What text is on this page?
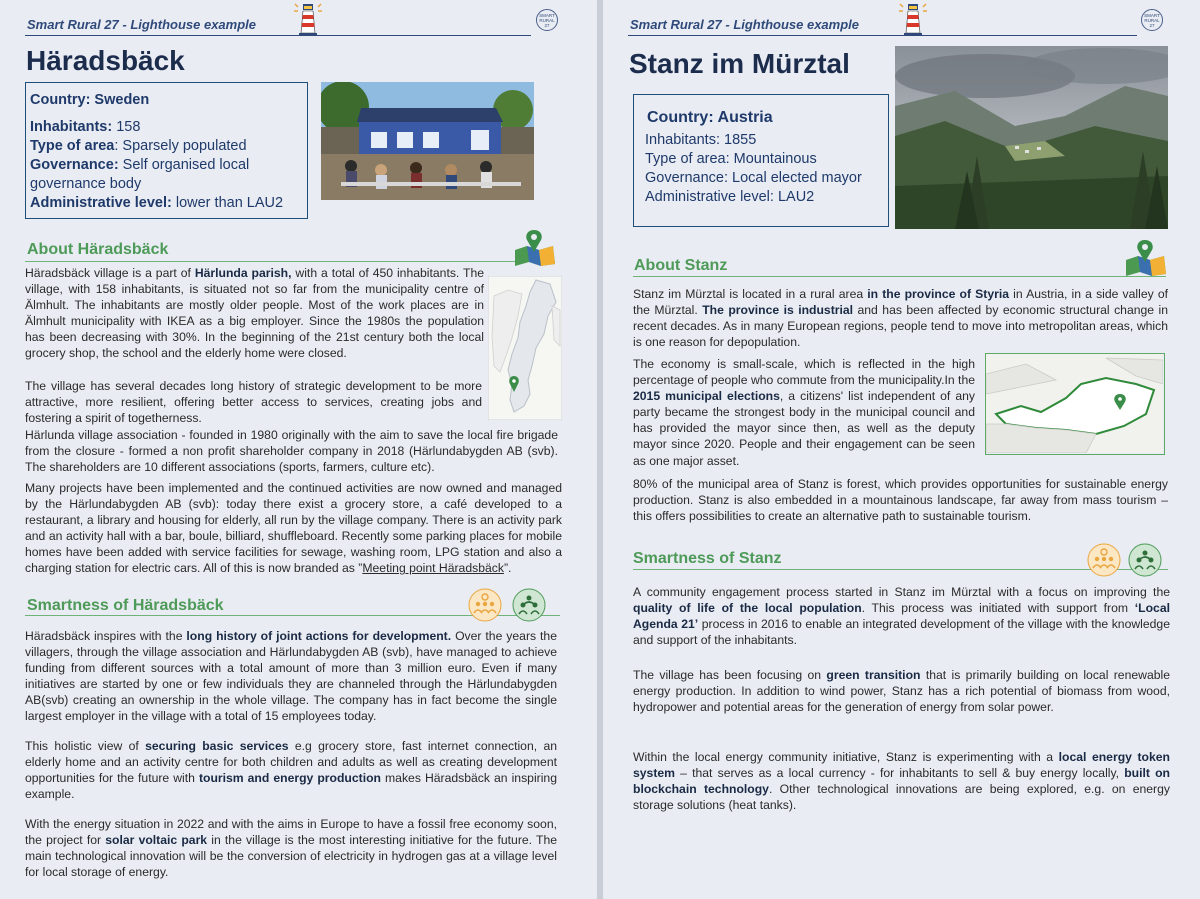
Smart Rural 27 - Lighthouse example
SMART RURAL 27
Häradsbäck
Country: Sweden
Inhabitants: 158
Type of area: Sparsely populated
Governance: Self organised local governance body
Administrative level: lower than LAU2
About Häradsbäck

Häradsbäck village is a part of Härlunda parish, with a total of 450 inhabitants. The village, with 158 inhabitants, is situated not so far from the municipality centre of Älmhult. The inhabitants are mostly older people. Most of the work places are in Älmhult municipality with IKEA as a big employer. Since the 1980s the population has been decreasing with 30%. In the beginning of the 21st century both the local grocery shop, the school and the elderly home were closed.

The village has several decades long history of strategic development to be more attractive, more resilient, offering better access to services, creating jobs and fostering a spirit of togetherness.

Härlunda village association - founded in 1980 originally with the aim to save the local fire brigade from the closure - formed a non profit shareholder company in 2018 (Härlundabygden AB (svb). The shareholders are 10 different associations (sports, farmers, culture etc).

Many projects have been implemented and the continued activities are now owned and managed by the Härlundabygden AB (svb): today there exist a grocery store, a café developed to a restaurant, a library and housing for elderly, all run by the village company. There is an activity park and an activity hall with a bar, boule, billiard, shuffleboard. Recently some parking places for mobile homes have been added with service facilities for sewage, washing room, LPG station and also a charging station for electric cars. All of this is now branded as ”Meeting point Häradsbäck”.

Smartness of Häradsbäck

Häradsbäck inspires with the long history of joint actions for development. Over the years the villagers, through the village association and Härlundabygden AB (svb), have managed to achieve funding from different sources with a total amount of more than 3 million euro. Even if many initiatives are started by one or few individuals they are channeled through the Härlundabygden AB(svb) creating an ownership in the whole village. The company has in fact become the single largest employer in the village with a total of 15 employees today.

This holistic view of securing basic services e.g grocery store, fast internet connection, an elderly home and an activity centre for both children and adults as well as creating development opportunities for the future with tourism and energy production makes Häradsbäck an inspiring example.

With the energy situation in 2022 and with the aims in Europe to have a fossil free economy soon, the project for solar voltaic park in the village is the most interesting initiative for the future. The main technological innovation will be the conversion of electricity in hydrogen gas at a village level for local storage of energy.

Smart Rural 27 - Lighthouse example
SMART RURAL 27
Stanz im Mürztal
Country: Austria
Inhabitants: 1855
Type of area: Mountainous
Governance: Local elected mayor
Administrative level: LAU2
About Stanz

Stanz im Mürztal is located in a rural area in the province of Styria in Austria, in a side valley of the Mürztal. The province is industrial and has been affected by economic structural change in recent decades. As in many European regions, people tend to move into metropolitan areas, which is one reason for depopulation.

The economy is small-scale, which is reflected in the high percentage of people who commute from the municipality.In the 2015 municipal elections, a citizens' list independent of any party became the strongest body in the municipal council and has provided the mayor since then, as well as the deputy mayor since 2020. People and their engagement can be seen as one major asset.

80% of the municipal area of Stanz is forest, which provides opportunities for sustainable energy production. Stanz is also embedded in a mountainous landscape, far away from mass tourism – this offers possibilities to create an alternative path to sustainable tourism.

Smartness of Stanz

A community engagement process started in Stanz im Mürztal with a focus on improving the quality of life of the local population. This process was initiated with support from ‘Local Agenda 21’ process in 2016 to enable an integrated development of the village with the knowledge and support of the inhabitants.

The village has been focusing on green transition that is primarily building on local renewable energy production. In addition to wind power, Stanz has a rich potential of biomass from wood, hydropower and potential areas for the generation of energy from solar power.

Within the local energy community initiative, Stanz is experimenting with a local energy token system – that serves as a local currency - for inhabitants to sell & buy energy locally, built on blockchain technology. Other technological innovations are being explored, e.g. on energy storage solutions (heat tanks).
